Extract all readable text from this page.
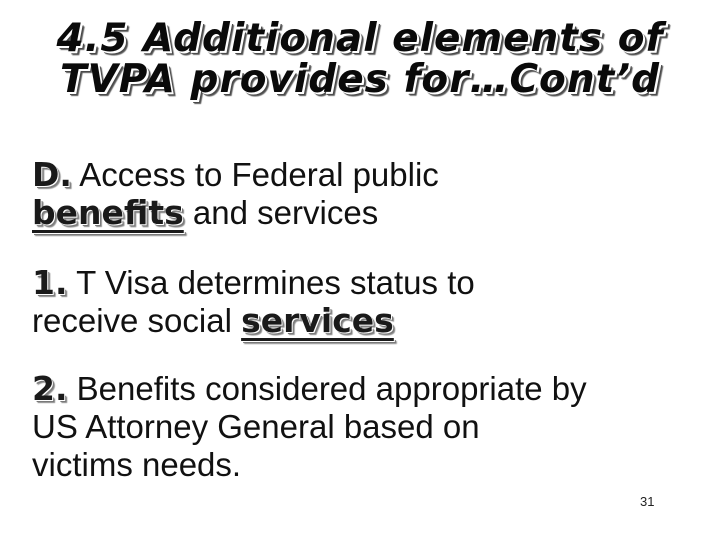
4.5 Additional elements of
TVPA provides for…Cont’d
D. Access to Federal public
benefits and services
1. T Visa determines status to
receive social services
2. Benefits considered appropriate by
US Attorney General based on
victims needs.
31
